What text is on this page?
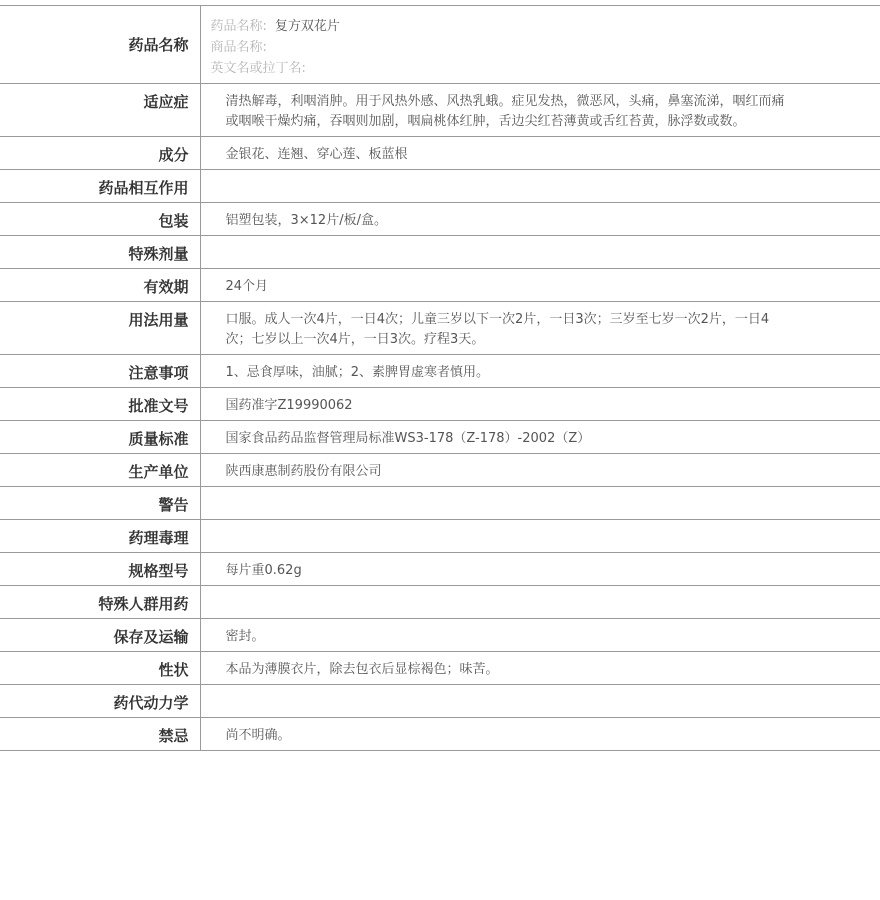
药品名称	药品名称: 复方双花片
商品名称:
英文名或拉丁名:

适应症	清热解毒，利咽消肿。用于风热外感、风热乳蛾。症见发热，微恶风，头痛，鼻塞流涕，咽红而痛或咽喉干燥灼痛，吞咽则加剧，咽扁桃体红肿，舌边尖红苔薄黄或舌红苔黄，脉浮数或数。
成分	金银花、连翘、穿心莲、板蓝根
药品相互作用	
包装	铝塑包装，3×12片/板/盒。
特殊剂量	
有效期	24个月
用法用量	口服。成人一次4片，一日4次；儿童三岁以下一次2片，一日3次；三岁至七岁一次2片，一日4次；七岁以上一次4片，一日3次。疗程3天。
注意事项	1、忌食厚味，油腻；2、素脾胃虚寒者慎用。
批准文号	国药准字Z19990062
质量标准	国家食品药品监督管理局标准WS3-178（Z-178）-2002（Z）
生产单位	陕西康惠制药股份有限公司
警告	
药理毒理	
规格型号	每片重0.62g
特殊人群用药	
保存及运输	密封。
性状	本品为薄膜衣片，除去包衣后显棕褐色；味苦。
药代动力学	
禁忌	尚不明确。
